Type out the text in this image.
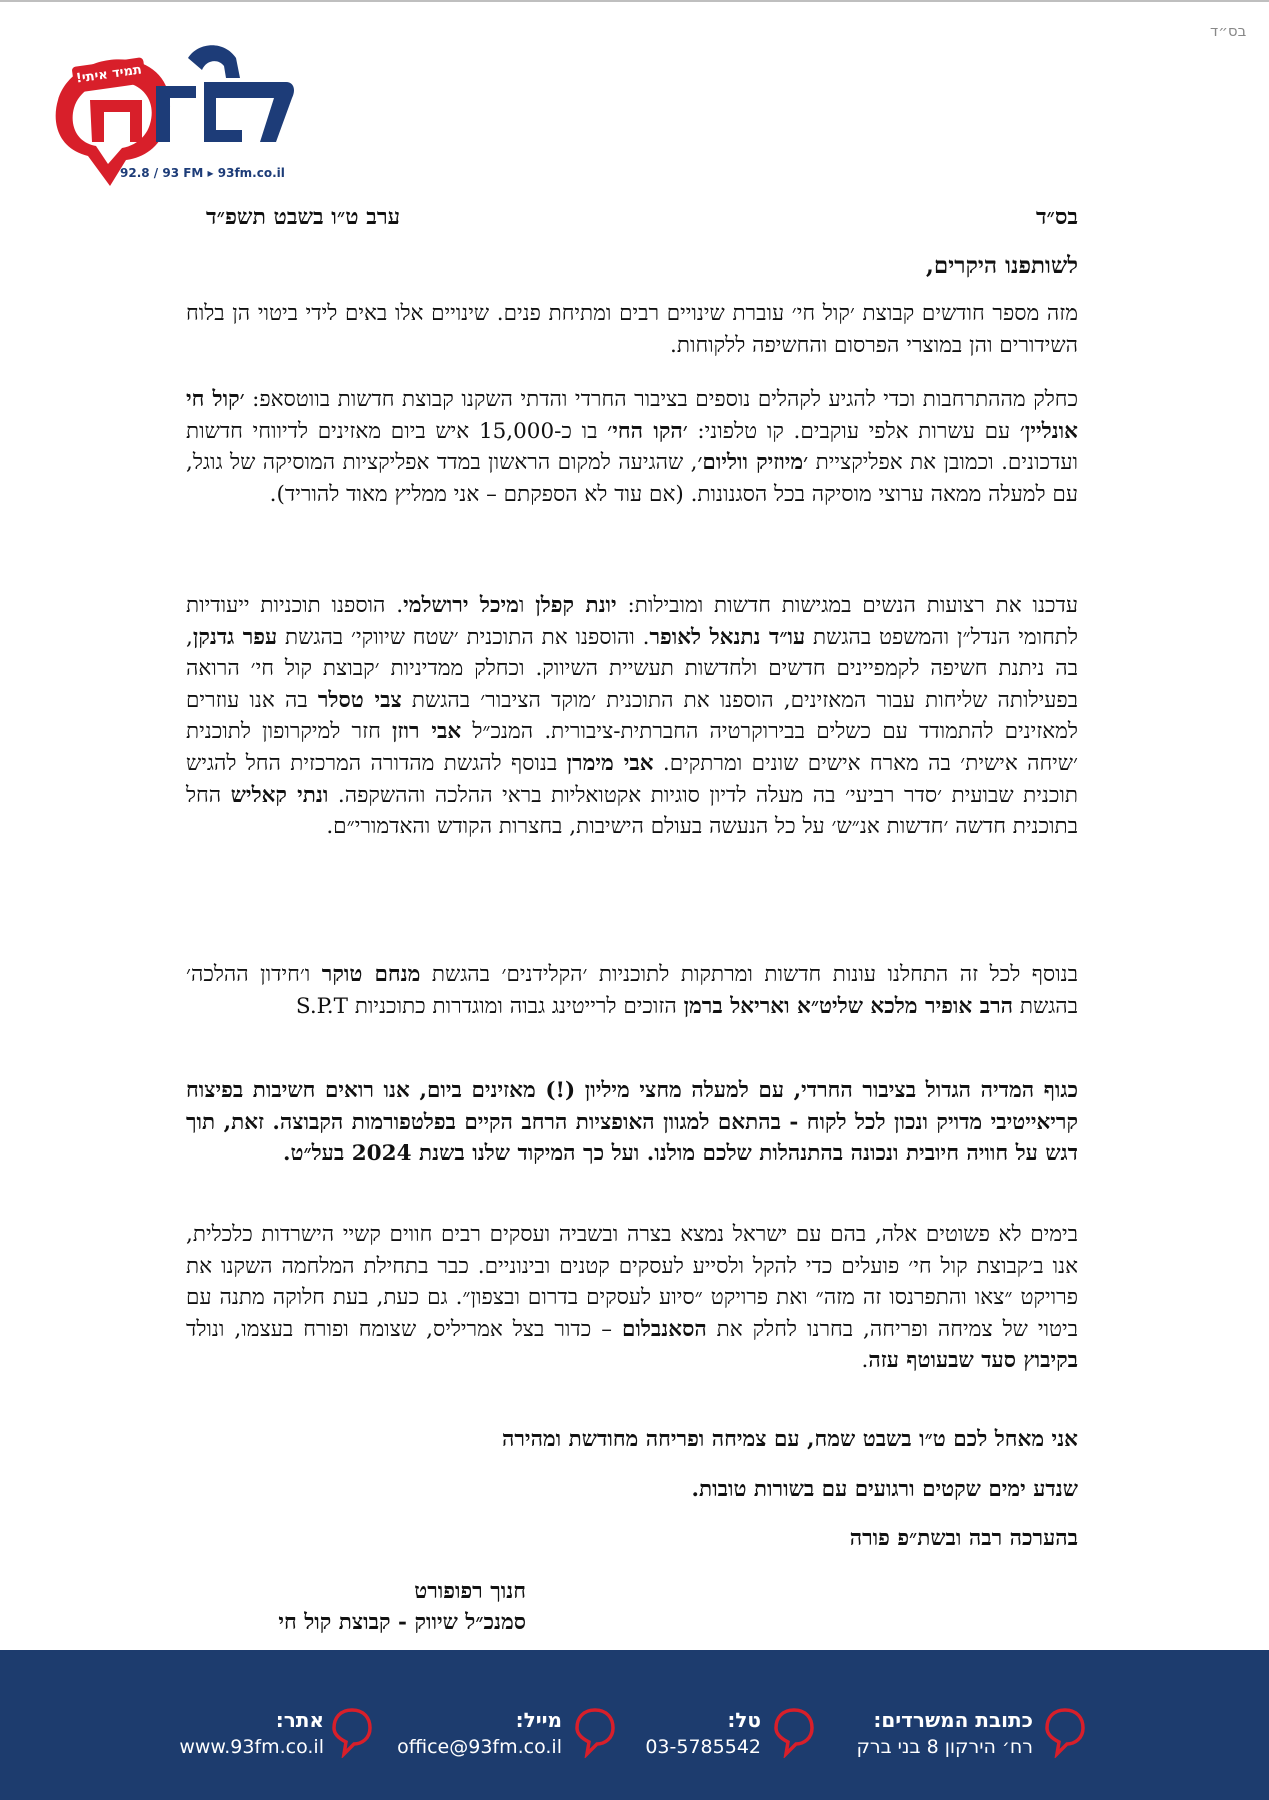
בס״ד
תמיד איתי!
92.8 / 93 FM ▸ 93fm.co.il
בס״ד
ערב ט״ו בשבט תשפ״ד
לשותפנו היקרים,

מזה מספר חודשים קבוצת ׳קול חי׳ עוברת שינויים רבים ומתיחת פנים. שינויים אלו באים לידי ביטוי הן בלוח השידורים והן במוצרי הפרסום והחשיפה ללקוחות.

כחלק מההתרחבות וכדי להגיע לקהלים נוספים בציבור החרדי והדתי השקנו קבוצת חדשות בווטסאפ: ׳קול חי אונליין׳ עם עשרות אלפי עוקבים. קו טלפוני: ׳הקו החי׳ בו כ-15,000 איש ביום מאזינים לדיווחי חדשות ועדכונים. וכמובן את אפליקציית ׳מיוזיק ווליום׳, שהגיעה למקום הראשון במדד אפליקציות המוסיקה של גוגל, עם למעלה ממאה ערוצי מוסיקה בכל הסגנונות. (אם עוד לא הספקתם – אני ממליץ מאוד להוריד).

עדכנו את רצועות הנשים במגישות חדשות ומובילות: יונת קפלן ומיכל ירושלמי. הוספנו תוכניות ייעודיות לתחומי הנדל״ן והמשפט בהגשת עו״ד נתנאל לאופר. והוספנו את התוכנית ׳שטח שיווקי׳ בהגשת עפר גדנקן, בה ניתנת חשיפה לקמפיינים חדשים ולחדשות תעשיית השיווק. וכחלק ממדיניות ׳קבוצת קול חי׳ הרואה בפעילותה שליחות עבור המאזינים, הוספנו את התוכנית ׳מוקד הציבור׳ בהגשת צבי טסלר בה אנו עוזרים למאזינים להתמודד עם כשלים בבירוקרטיה החברתית-ציבורית. המנכ״ל אבי רוזן חזר למיקרופון לתוכנית ׳שיחה אישית׳ בה מארח אישים שונים ומרתקים. אבי מימרן בנוסף להגשת מהדורה המרכזית החל להגיש תוכנית שבועית ׳סדר רביעי׳ בה מעלה לדיון סוגיות אקטואליות בראי ההלכה וההשקפה. ונתי קאליש החל בתוכנית חדשה ׳חדשות אנ״ש׳ על כל הנעשה בעולם הישיבות, בחצרות הקודש והאדמורי״ם.

בנוסף לכל זה התחלנו עונות חדשות ומרתקות לתוכניות ׳הקלידנים׳ בהגשת מנחם טוקר ו׳חידון ההלכה׳ בהגשת הרב אופיר מלכא שליט״א ואריאל ברמן הזוכים לרייטינג גבוה ומוגדרות כתוכניות S.P.T

כגוף המדיה הגדול בציבור החרדי, עם למעלה מחצי מיליון (!) מאזינים ביום, אנו רואים חשיבות בפיצוח קריאייטיבי מדויק ונכון לכל לקוח - בהתאם למגוון האופציות הרחב הקיים בפלטפורמות הקבוצה. זאת, תוך דגש על חוויה חיובית ונכונה בהתנהלות שלכם מולנו. ועל כך המיקוד שלנו בשנת 2024 בעל״ט.

בימים לא פשוטים אלה, בהם עם ישראל נמצא בצרה ובשביה ועסקים רבים חווים קשיי הישרדות כלכלית, אנו ב׳קבוצת קול חי׳ פועלים כדי להקל ולסייע לעסקים קטנים ובינוניים. כבר בתחילת המלחמה השקנו את פרויקט ״צאו והתפרנסו זה מזה״ ואת פרויקט ״סיוע לעסקים בדרום ובצפון״. גם כעת, בעת חלוקה מתנה עם ביטוי של צמיחה ופריחה, בחרנו לחלק את הסאנבלום – כדור בצל אמריליס, שצומח ופורח בעצמו, ונולד בקיבוץ סעד שבעוטף עזה.

אני מאחל לכם ט״ו בשבט שמח, עם צמיחה ופריחה מחודשת ומהירה
שנדע ימים שקטים ורגועים עם בשורות טובות.
בהערכה רבה ובשת״פ פורה
חנוך רפופורט
סמנכ״ל שיווק - קבוצת קול חי
כתובת המשרדים:
רח׳ הירקון 8 בני ברק
טל:
03-5785542
מייל:
office@93fm.co.il
אתר:
www.93fm.co.il
